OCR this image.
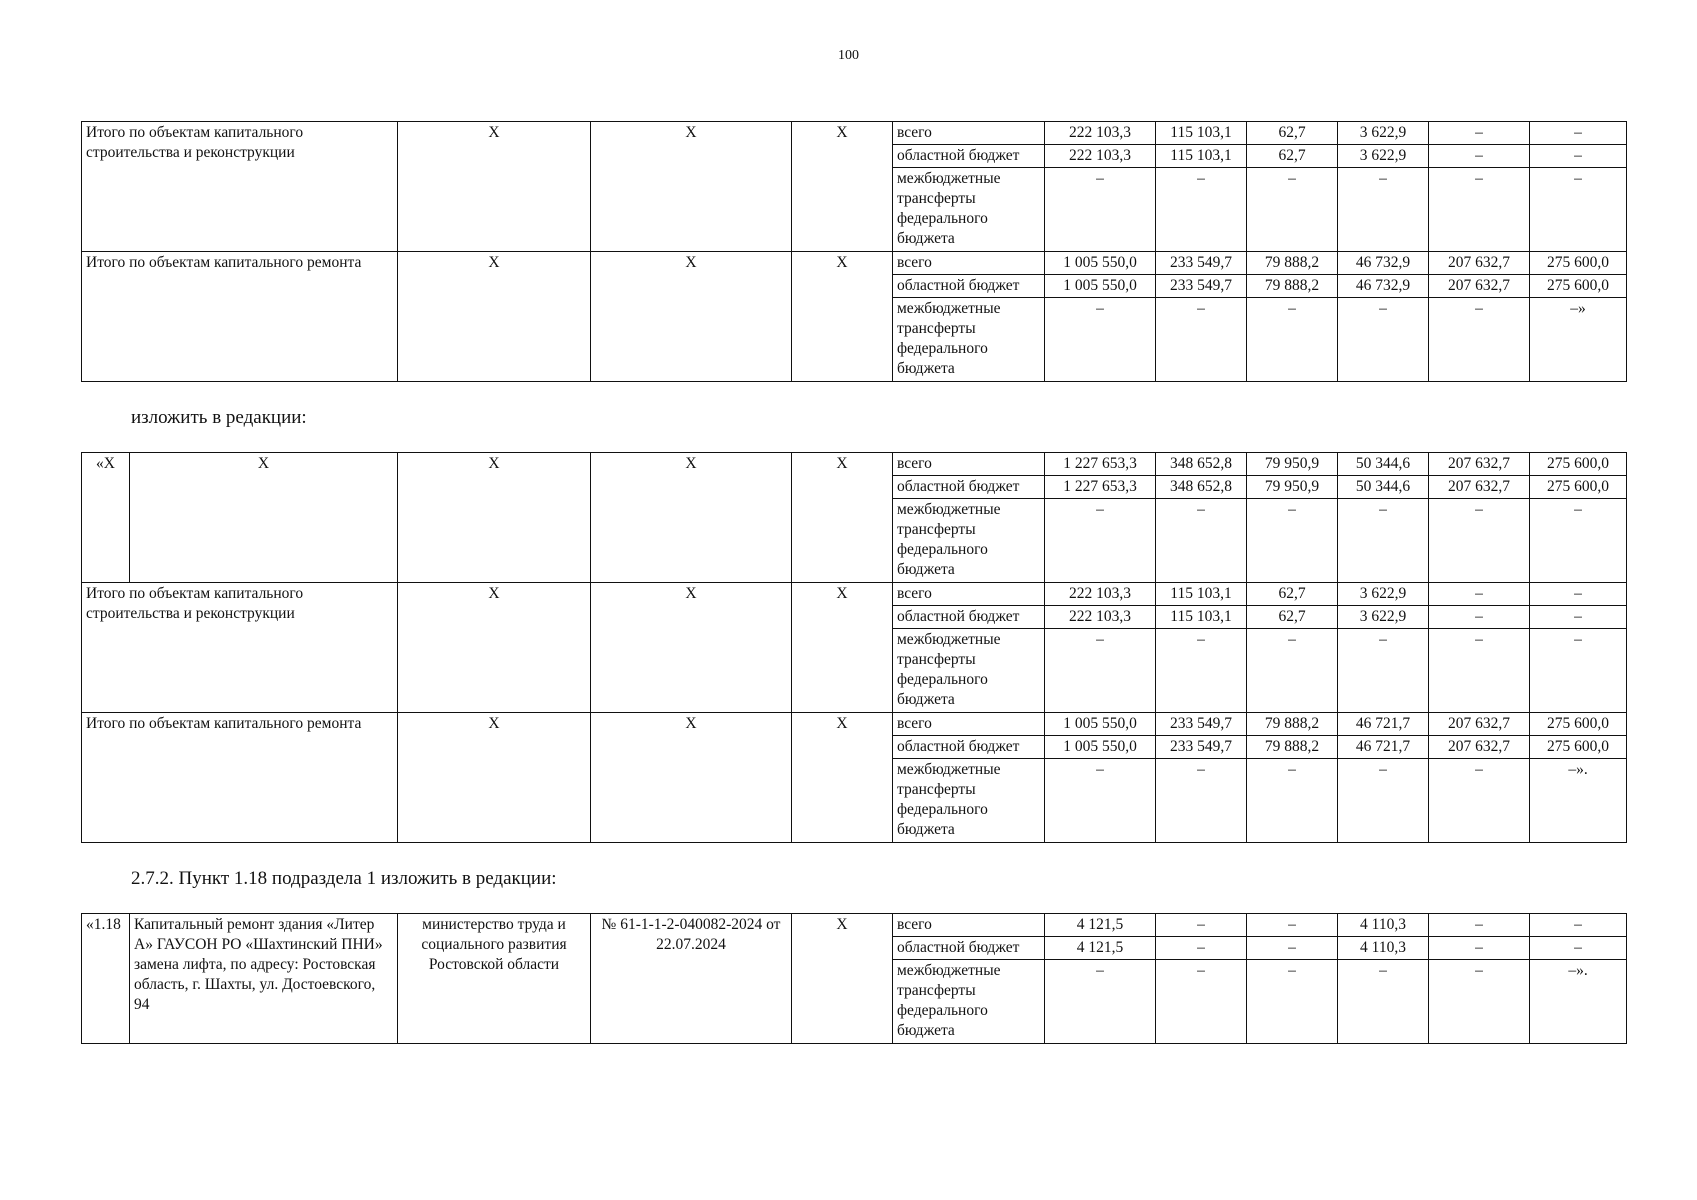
100
Итого по объектам капитального строительства и реконструкции	X	X	X	всего	222 103,3	115 103,1	62,7	3 622,9	–	–
				областной бюджет	222 103,3	115 103,1	62,7	3 622,9	–	–
				межбюджетные трансферты федерального бюджета	–	–	–	–	–	–
Итого по объектам капитального ремонта	X	X	X	всего	1 005 550,0	233 549,7	79 888,2	46 732,9	207 632,7	275 600,0
				областной бюджет	1 005 550,0	233 549,7	79 888,2	46 732,9	207 632,7	275 600,0
				межбюджетные трансферты федерального бюджета	–	–	–	–	–	–»
изложить в редакции:
«X	X	X	X	X	всего	1 227 653,3	348 652,8	79 950,9	50 344,6	207 632,7	275 600,0
					областной бюджет	1 227 653,3	348 652,8	79 950,9	50 344,6	207 632,7	275 600,0
					межбюджетные трансферты федерального бюджета	–	–	–	–	–	–
Итого по объектам капитального строительства и реконструкции		X	X	X	всего	222 103,3	115 103,1	62,7	3 622,9	–	–
					областной бюджет	222 103,3	115 103,1	62,7	3 622,9	–	–
					межбюджетные трансферты федерального бюджета	–	–	–	–	–	–
Итого по объектам капитального ремонта		X	X	X	всего	1 005 550,0	233 549,7	79 888,2	46 721,7	207 632,7	275 600,0
					областной бюджет	1 005 550,0	233 549,7	79 888,2	46 721,7	207 632,7	275 600,0
					межбюджетные трансферты федерального бюджета	–	–	–	–	–	–».
2.7.2. Пункт 1.18 подраздела 1 изложить в редакции:
«1.18	Капитальный ремонт здания «Литер А» ГАУСОН РО «Шахтинский ПНИ» замена лифта, по адресу: Ростовская область, г. Шахты, ул. Достоевского, 94	министерство труда и социального развития Ростовской области	№ 61-1-1-2-040082-2024 от 22.07.2024	X	всего	4 121,5	–	–	4 110,3	–	–
					областной бюджет	4 121,5	–	–	4 110,3	–	–
					межбюджетные трансферты федерального бюджета	–	–	–	–	–	–».
